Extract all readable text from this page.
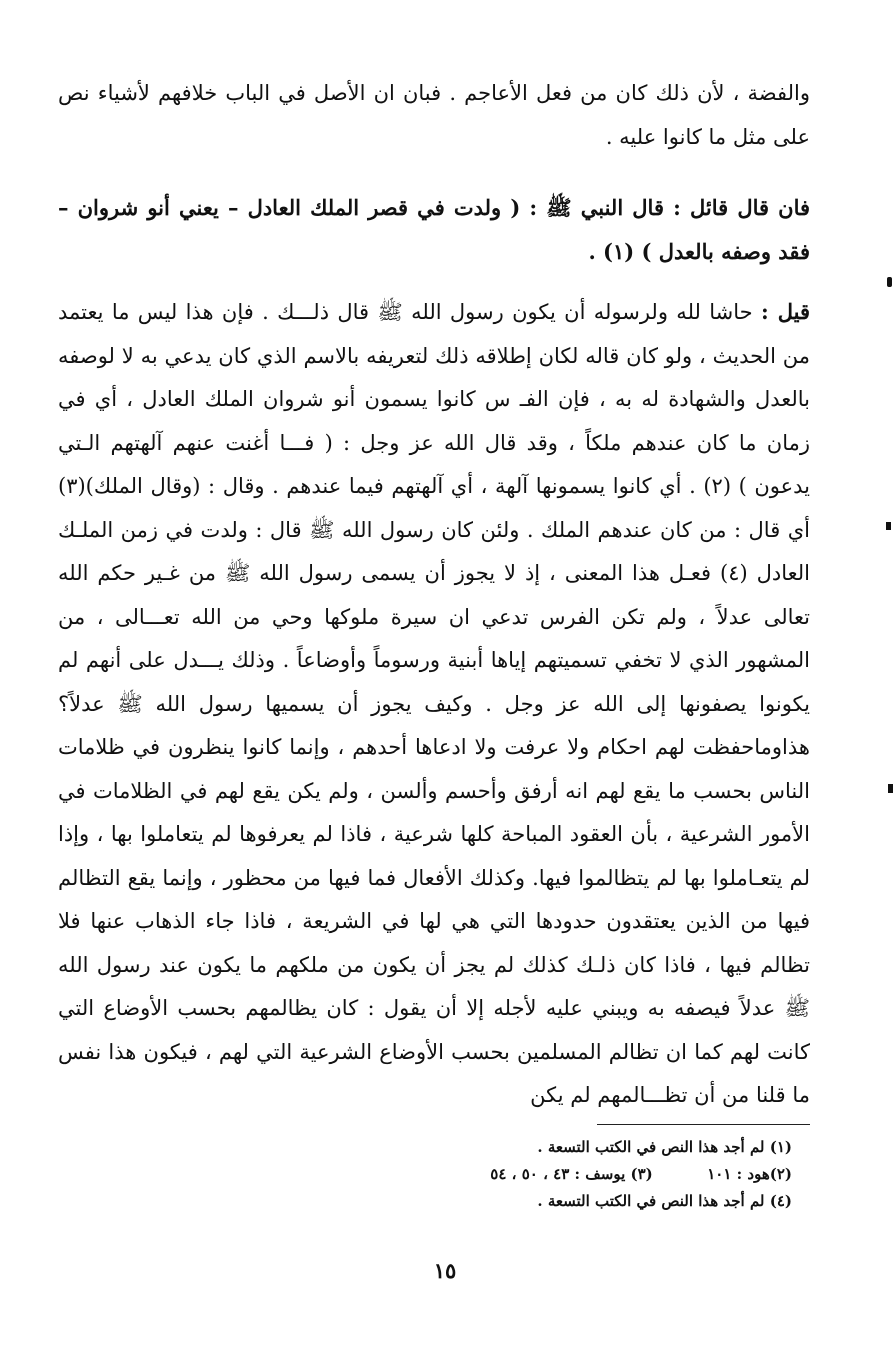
والفضة ، لأن ذلك كان من فعل الأعاجم . فبان ان الأصل في الباب خلافهم لأشياء نص على مثل ما كانوا عليه .
فان قال قائل : قال النبي ﷺ : ( ولدت في قصر الملك العادل – يعني أنو شروان – فقد وصفه بالعدل ) (١) .
قيل : حاشا لله ولرسوله أن يكون رسول الله ﷺ قال ذلـــك . فإن هذا ليس ما يعتمد من الحديث ، ولو كان قاله لكان إطلاقه ذلك لتعريفه بالاسم الذي كان يدعي به لا لوصفه بالعدل والشهادة له به ، فإن الفـ س كانوا يسمون أنو شروان الملك العادل ، أي في زمان ما كان عندهم ملكاً ، وقد قال الله عز وجل : ( فـــا أغنت عنهم آلهتهم الـتي يدعون ) (٢) . أي كانوا يسمونها آلهة ، أي آلهتهم فيما عندهم . وقال : (وقال الملك)(٣) أي قال : من كان عندهم الملك . ولئن كان رسول الله ﷺ قال : ولدت في زمن الملـك العادل (٤) فعـل هذا المعنى ، إذ لا يجوز أن يسمى رسول الله ﷺ من غـير حكم الله تعالى عدلاً ، ولم تكن الفرس تدعي ان سيرة ملوكها وحي من الله تعـــالى ، من المشهور الذي لا تخفي تسميتهم إياها أبنية ورسوماً وأوضاعاً . وذلك يـــدل على أنهم لم يكونوا يصفونها إلى الله عز وجل . وكيف يجوز أن يسميها رسول الله ﷺ عدلاً؟هذاوماحفظت لهم احكام ولا عرفت ولا ادعاها أحدهم ، وإنما كانوا ينظرون في ظلامات الناس بحسب ما يقع لهم انه أرفق وأحسم وألسن ، ولم يكن يقع لهم في الظلامات في الأمور الشرعية ، بأن العقود المباحة كلها شرعية ، فاذا لم يعرفوها لم يتعاملوا بها ، وإذا لم يتعـاملوا بها لم يتظالموا فيها. وكذلك الأفعال فما فيها من محظور ، وإنما يقع التظالم فيها من الذين يعتقدون حدودها التي هي لها في الشريعة ، فاذا جاء الذهاب عنها فلا تظالم فيها ، فاذا كان ذلـك كذلك لم يجز أن يكون من ملكهم ما يكون عند رسول الله ﷺ عدلاً فيصفه به ويبني عليه لأجله إلا أن يقول : كان يظالمهم بحسب الأوضاع التي كانت لهم كما ان تظالم المسلمين بحسب الأوضاع الشرعية التي لهم ، فيكون هذا نفس ما قلنا من أن تظـــالمهم لم يكن
(١) لم أجد هذا النص في الكتب التسعة .
(٢)هود : ١٠١  (٣) يوسف : ٤٣ ، ٥٠ ، ٥٤
(٤) لم أجد هذا النص في الكتب التسعة .
١٥
